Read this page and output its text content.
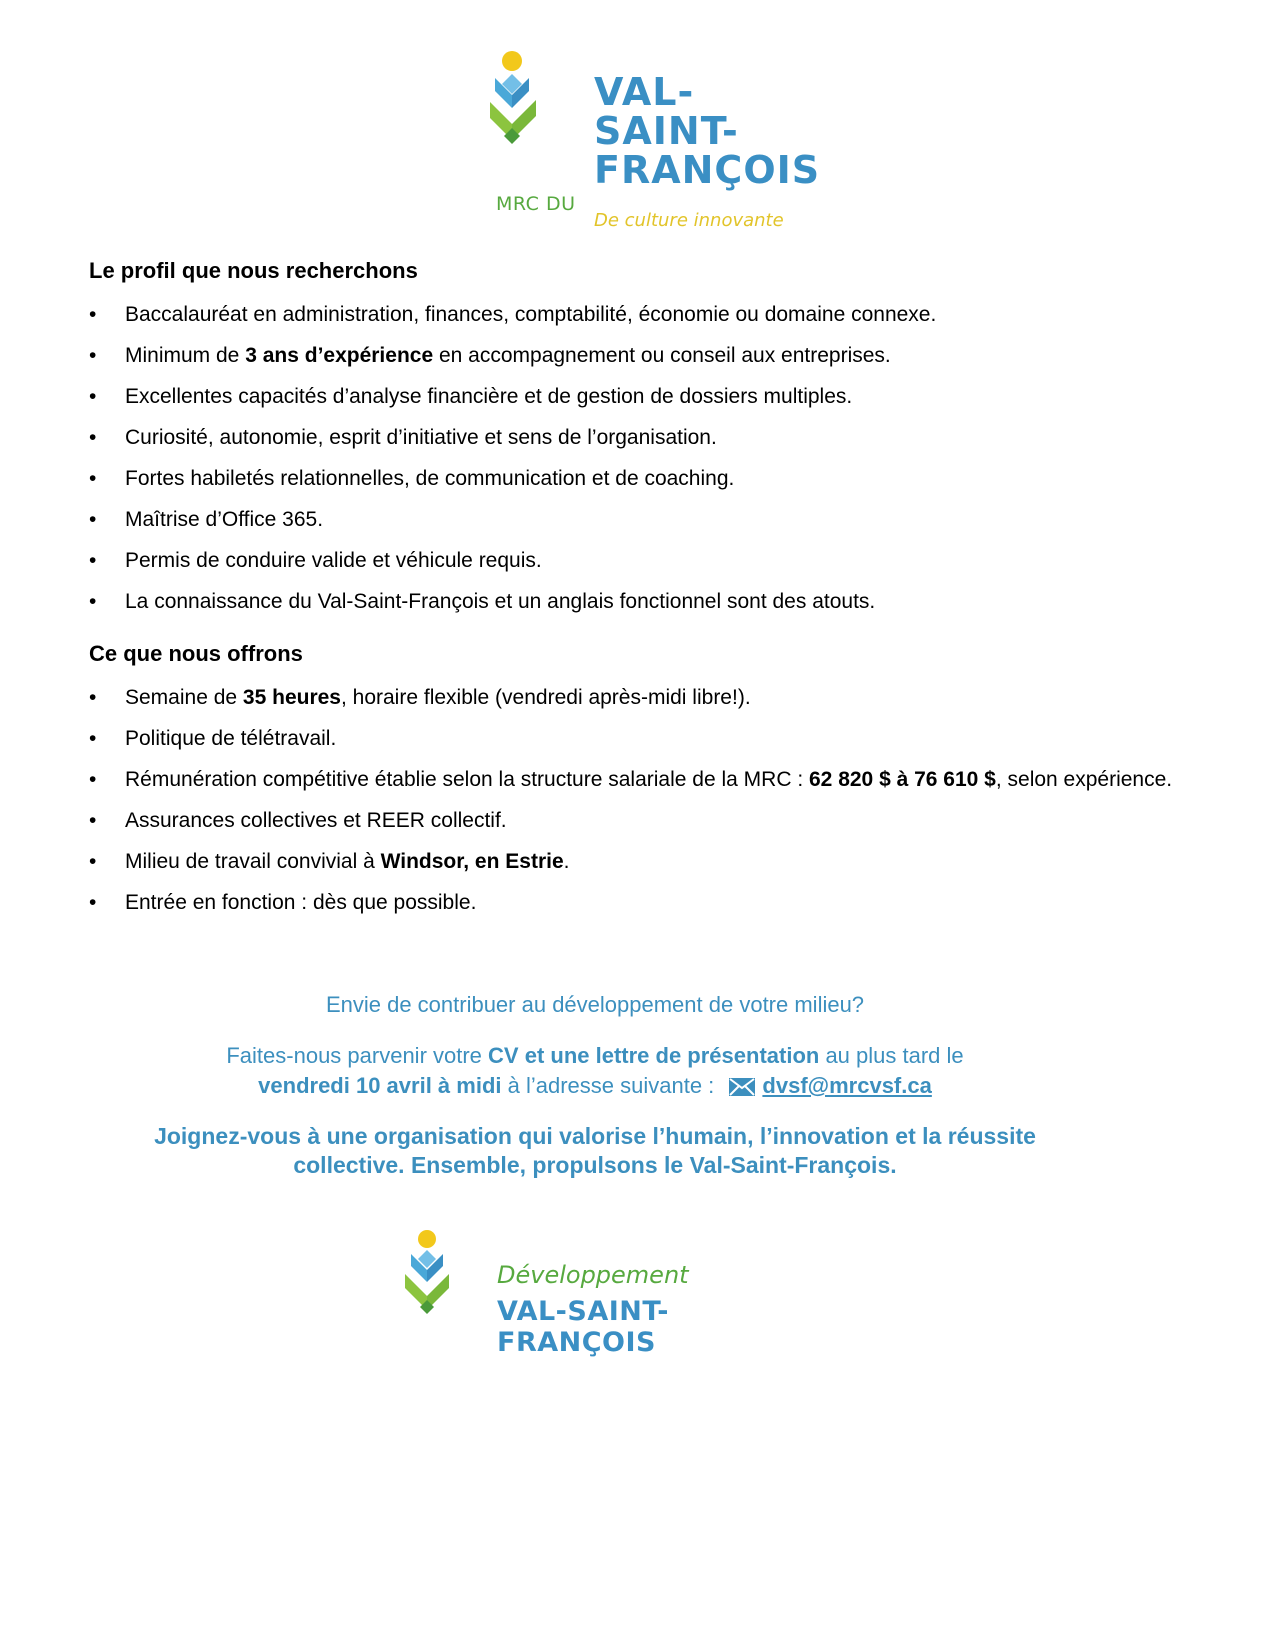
MRC DU
VAL-
SAINT-
FRANÇOIS
De culture innovante
Le profil que nous recherchons
• Baccalauréat en administration, finances, comptabilité, économie ou domaine connexe.
• Minimum de 3 ans d’expérience en accompagnement ou conseil aux entreprises.
• Excellentes capacités d’analyse financière et de gestion de dossiers multiples.
• Curiosité, autonomie, esprit d’initiative et sens de l’organisation.
• Fortes habiletés relationnelles, de communication et de coaching.
• Maîtrise d’Office 365.
• Permis de conduire valide et véhicule requis.
• La connaissance du Val-Saint-François et un anglais fonctionnel sont des atouts.
Ce que nous offrons
• Semaine de 35 heures, horaire flexible (vendredi après-midi libre!).
• Politique de télétravail.
• Rémunération compétitive établie selon la structure salariale de la MRC : 62 820 $ à 76 610 $, selon expérience.
• Assurances collectives et REER collectif.
• Milieu de travail convivial à Windsor, en Estrie.
• Entrée en fonction : dès que possible.
Envie de contribuer au développement de votre milieu?
Faites-nous parvenir votre CV et une lettre de présentation au plus tard le
vendredi 10 avril à midi à l’adresse suivante : dvsf@mrcvsf.ca
Joignez-vous à une organisation qui valorise l’humain, l’innovation et la réussite
collective. Ensemble, propulsons le Val-Saint-François.
Développement
VAL-SAINT-FRANÇOIS
